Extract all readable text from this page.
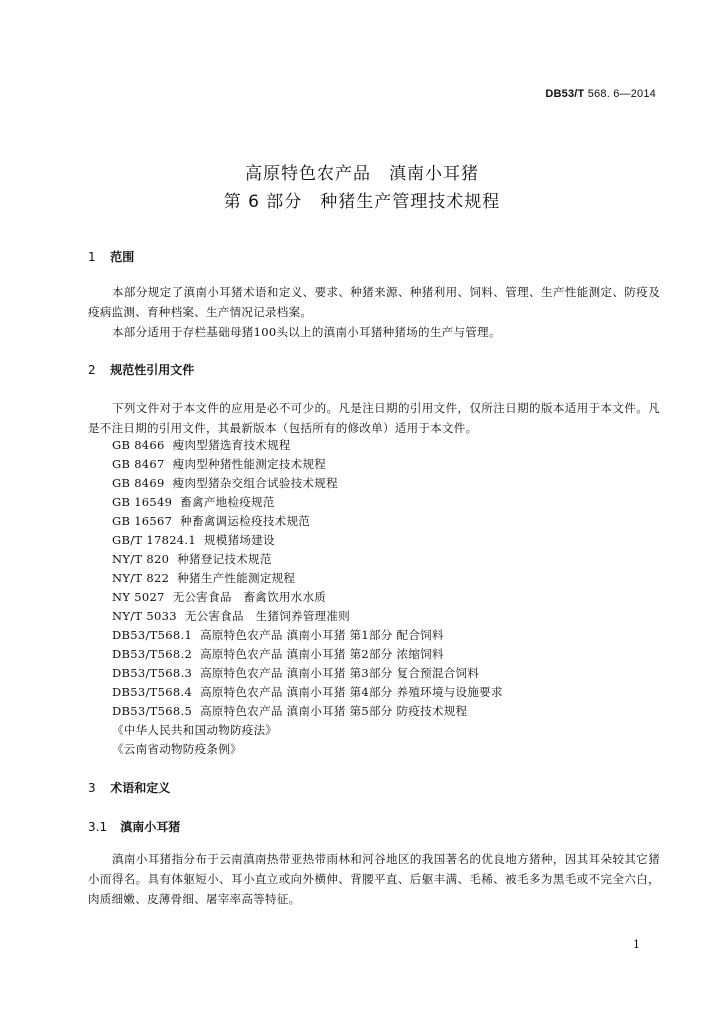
DB53/T 568. 6—2014
高原特色农产品　滇南小耳猪
第 6 部分　种猪生产管理技术规程
1 范围
本部分规定了滇南小耳猪术语和定义、要求、种猪来源、种猪利用、饲料、管理、生产性能测定、防疫及疫病监测、育种档案、生产情况记录档案。
本部分适用于存栏基础母猪100头以上的滇南小耳猪种猪场的生产与管理。
2 规范性引用文件
下列文件对于本文件的应用是必不可少的。凡是注日期的引用文件，仅所注日期的版本适用于本文件。凡是不注日期的引用文件，其最新版本（包括所有的修改单）适用于本文件。
GB 8466 瘦肉型猪选育技术规程
GB 8467 瘦肉型种猪性能测定技术规程
GB 8469 瘦肉型猪杂交组合试验技术规程
GB 16549 畜禽产地检疫规范
GB 16567 种畜禽调运检疫技术规范
GB/T 17824.1 规模猪场建设
NY/T 820 种猪登记技术规范
NY/T 822 种猪生产性能测定规程
NY 5027 无公害食品　畜禽饮用水水质
NY/T 5033 无公害食品　生猪饲养管理准则
DB53/T568.1 高原特色农产品 滇南小耳猪 第1部分 配合饲料
DB53/T568.2 高原特色农产品 滇南小耳猪 第2部分 浓缩饲料
DB53/T568.3 高原特色农产品 滇南小耳猪 第3部分 复合预混合饲料
DB53/T568.4 高原特色农产品 滇南小耳猪 第4部分 养殖环境与设施要求
DB53/T568.5 高原特色农产品 滇南小耳猪 第5部分 防疫技术规程
《中华人民共和国动物防疫法》
《云南省动物防疫条例》
3 术语和定义
3.1 滇南小耳猪
滇南小耳猪指分布于云南滇南热带亚热带雨林和河谷地区的我国著名的优良地方猪种，因其耳朵较其它猪小而得名。具有体躯短小、耳小直立或向外横伸、背腰平直、后躯丰满、毛稀、被毛多为黑毛或不完全六白，肉质细嫩、皮薄骨细、屠宰率高等特征。
1
